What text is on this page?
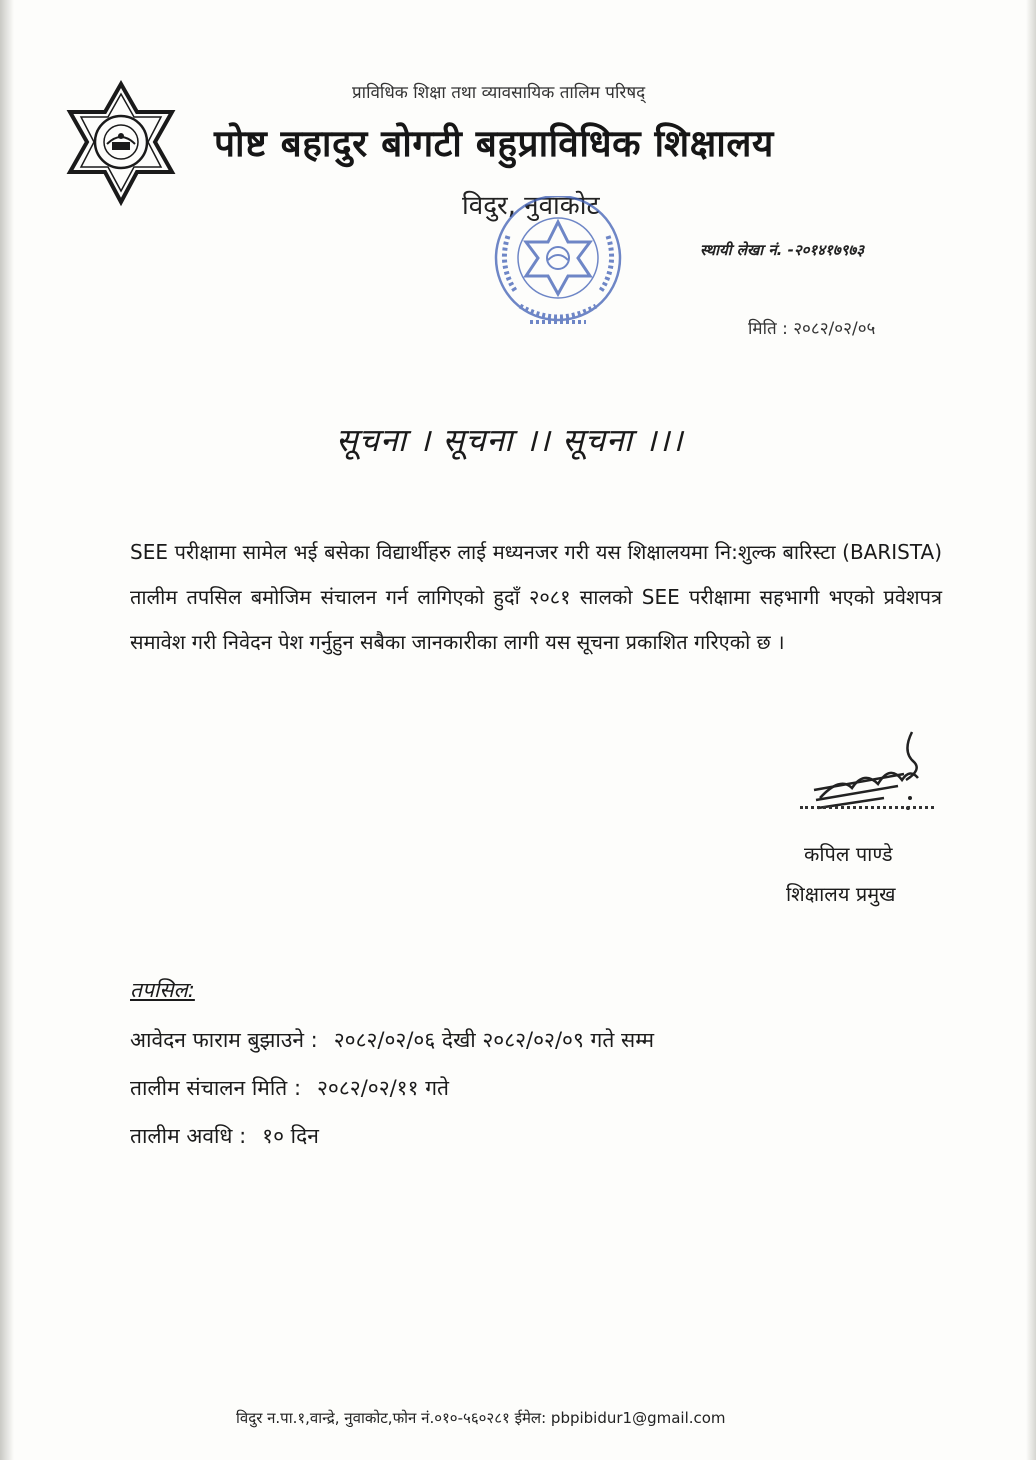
प्राविधिक शिक्षा तथा व्यावसायिक तालिम परिषद्
पोष्ट बहादुर बोगटी बहुप्राविधिक शिक्षालय
विदुर, नुवाकोट
स्थायी लेखा नं. -२०१४१७९७३
मिति : २०८२/०२/०५
सूचना । सूचना ।। सूचना ।।।
SEE परीक्षामा सामेल भई बसेका विद्यार्थीहरु लाई मध्यनजर गरी यस शिक्षालयमा नि:शुल्क बारिस्टा (BARISTA) तालीम तपसिल बमोजिम संचालन गर्न लागिएको हुदाँ २०८१ सालको SEE परीक्षामा सहभागी भएको प्रवेशपत्र समावेश गरी निवेदन पेश गर्नुहुन सबैका जानकारीका लागी यस सूचना प्रकाशित गरिएको छ ।
कपिल पाण्डे
शिक्षालय प्रमुख
तपसिल:
आवेदन फाराम बुझाउने : २०८२/०२/०६ देखी २०८२/०२/०९ गते सम्म
तालीम संचालन मिति : २०८२/०२/११ गते
तालीम अवधि : १० दिन
विदुर न.पा.१,वान्द्रे, नुवाकोट,फोन नं.०१०-५६०२८१ ईमेल: pbpibidur1@gmail.com
